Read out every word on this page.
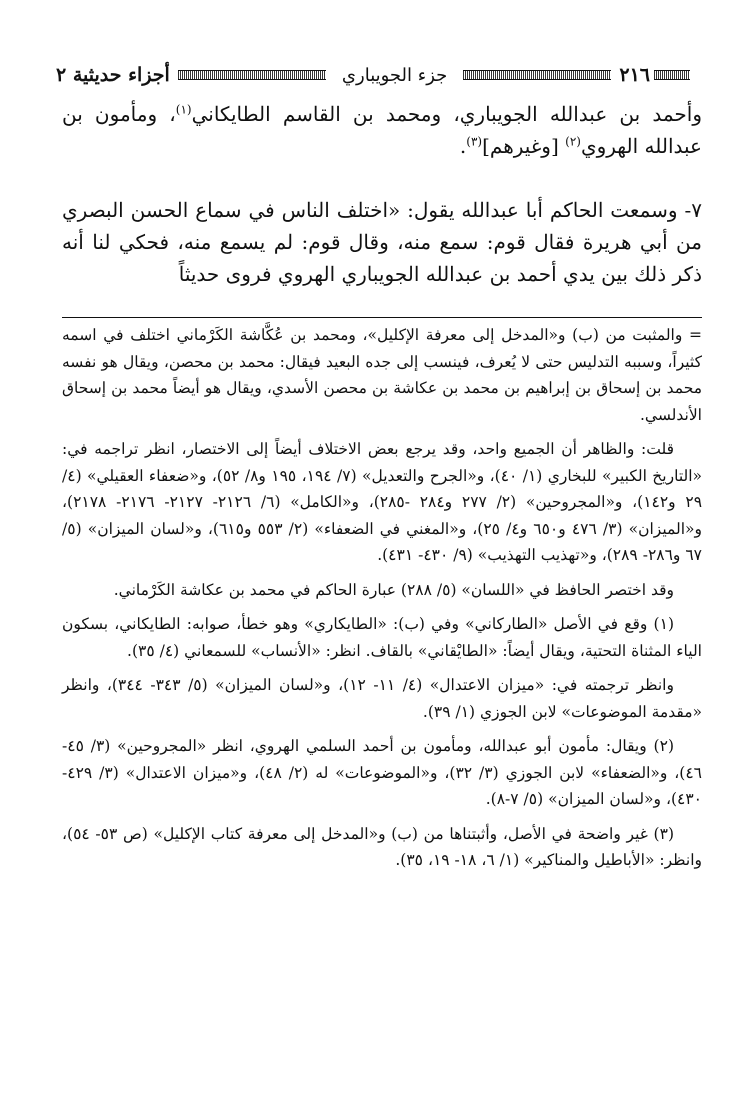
أجزاء حديثية ٢	جزء الجويباري	٢١٦

وأحمد بن عبدالله الجويباري، ومحمد بن القاسم الطايكاني$^{(١)}$، ومأمون بن عبدالله الهروي$^{(٢)}$ [وغيرهم]$^{(٣)}$.

٧- وسمعت الحاكم أبا عبدالله يقول: «اختلف الناس في سماع الحسن البصري من أبي هريرة فقال قوم: سمع منه، وقال قوم: لم يسمع منه، فحكي لنا أنه ذكر ذلك بين يدي أحمد بن عبدالله الجويباري الهروي فروى حديثاً

= والمثبت من (ب) و«المدخل إلى معرفة الإكليل»، ومحمد بن عُكَّاشة الكَرْماني اختلف في اسمه كثيراً، وسببه التدليس حتى لا يُعرف، فينسب إلى جده البعيد فيقال: محمد بن محصن، ويقال هو نفسه محمد بن إسحاق بن إبراهيم بن محمد بن عكاشة بن محصن الأسدي، ويقال هو أيضاً محمد بن إسحاق الأندلسي.

قلت: والظاهر أن الجميع واحد، وقد يرجع بعض الاختلاف أيضاً إلى الاختصار، انظر تراجمه في: «التاريخ الكبير» للبخاري (١/ ٤٠)، و«الجرح والتعديل» (٧/ ١٩٤، ١٩٥ و٨/ ٥٢)، و«ضعفاء العقيلي» (٤/ ٢٩ و١٤٢)، و«المجروحين» (٢/ ٢٧٧ و٢٨٤ -٢٨٥)، و«الكامل» (٦/ ٢١٢٦- ٢١٢٧- ٢١٧٦- ٢١٧٨)، و«الميزان» (٣/ ٤٧٦ و٦٥٠ و٤/ ٢٥)، و«المغني في الضعفاء» (٢/ ٥٥٣ و٦١٥)، و«لسان الميزان» (٥/ ٦٧ و٢٨٦- ٢٨٩)، و«تهذيب التهذيب» (٩/ ٤٣٠- ٤٣١).

وقد اختصر الحافظ في «اللسان» (٥/ ٢٨٨) عبارة الحاكم في محمد بن عكاشة الكَرْماني.

(١) وقع في الأصل «الطاركاني» وفي (ب): «الطايكاري» وهو خطأ، صوابه: الطايكاني، بسكون الياء المثناة التحتية، ويقال أيضاً: «الطايْقاني» بالقاف. انظر: «الأنساب» للسمعاني (٤/ ٣٥).

وانظر ترجمته في: «ميزان الاعتدال» (٤/ ١١- ١٢)، و«لسان الميزان» (٥/ ٣٤٣- ٣٤٤)، وانظر «مقدمة الموضوعات» لابن الجوزي (١/ ٣٩).

(٢) ويقال: مأمون أبو عبدالله، ومأمون بن أحمد السلمي الهروي، انظر «المجروحين» (٣/ ٤٥- ٤٦)، و«الضعفاء» لابن الجوزي (٣/ ٣٢)، و«الموضوعات» له (٢/ ٤٨)، و«ميزان الاعتدال» (٣/ ٤٢٩- ٤٣٠)، و«لسان الميزان» (٥/ ٧-٨).

(٣) غير واضحة في الأصل، وأثبتناها من (ب) و«المدخل إلى معرفة كتاب الإكليل» (ص ٥٣- ٥٤)، وانظر: «الأباطيل والمناكير» (١/ ٦، ١٨- ١٩، ٣٥).
